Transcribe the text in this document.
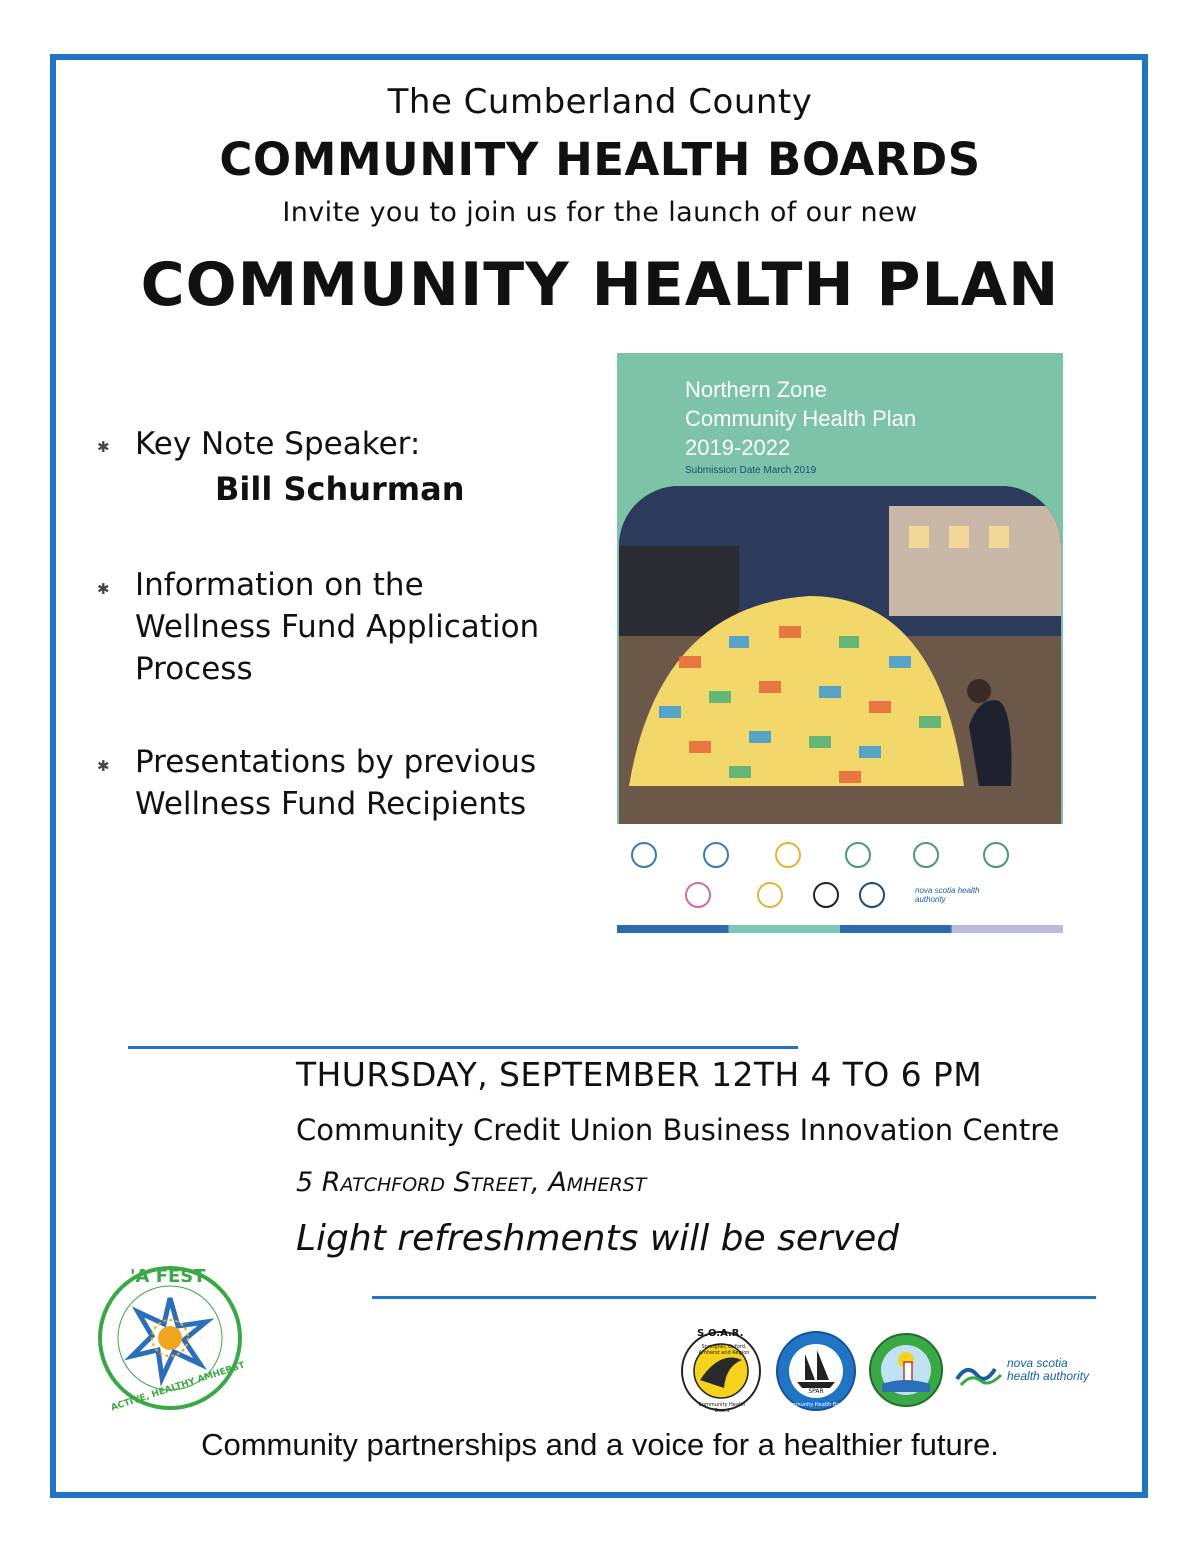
The Cumberland County
COMMUNITY HEALTH BOARDS
Invite you to join us for the launch of our new
COMMUNITY HEALTH PLAN
✱ Key Note Speaker:
Bill Schurman
✱ Information on the
Wellness Fund Application
Process
✱ Presentations by previous
Wellness Fund Recipients
Northern Zone
Community Health Plan
2019-2022
Submission Date March 2019
nova scotia health authority
THURSDAY, SEPTEMBER 12TH 4 TO 6 PM
Community Credit Union Business Innovation Centre
5 Ratchford Street, Amherst
Light refreshments will be served
'A FEST
ACTIVE, HEALTHY AMHERST
S.O.A.R.
Springhill, Oxford, Amherst and Region
Community Health Board
SPAR
Community Health Board
nova scotia
health authority
Community partnerships and a voice for a healthier future.
